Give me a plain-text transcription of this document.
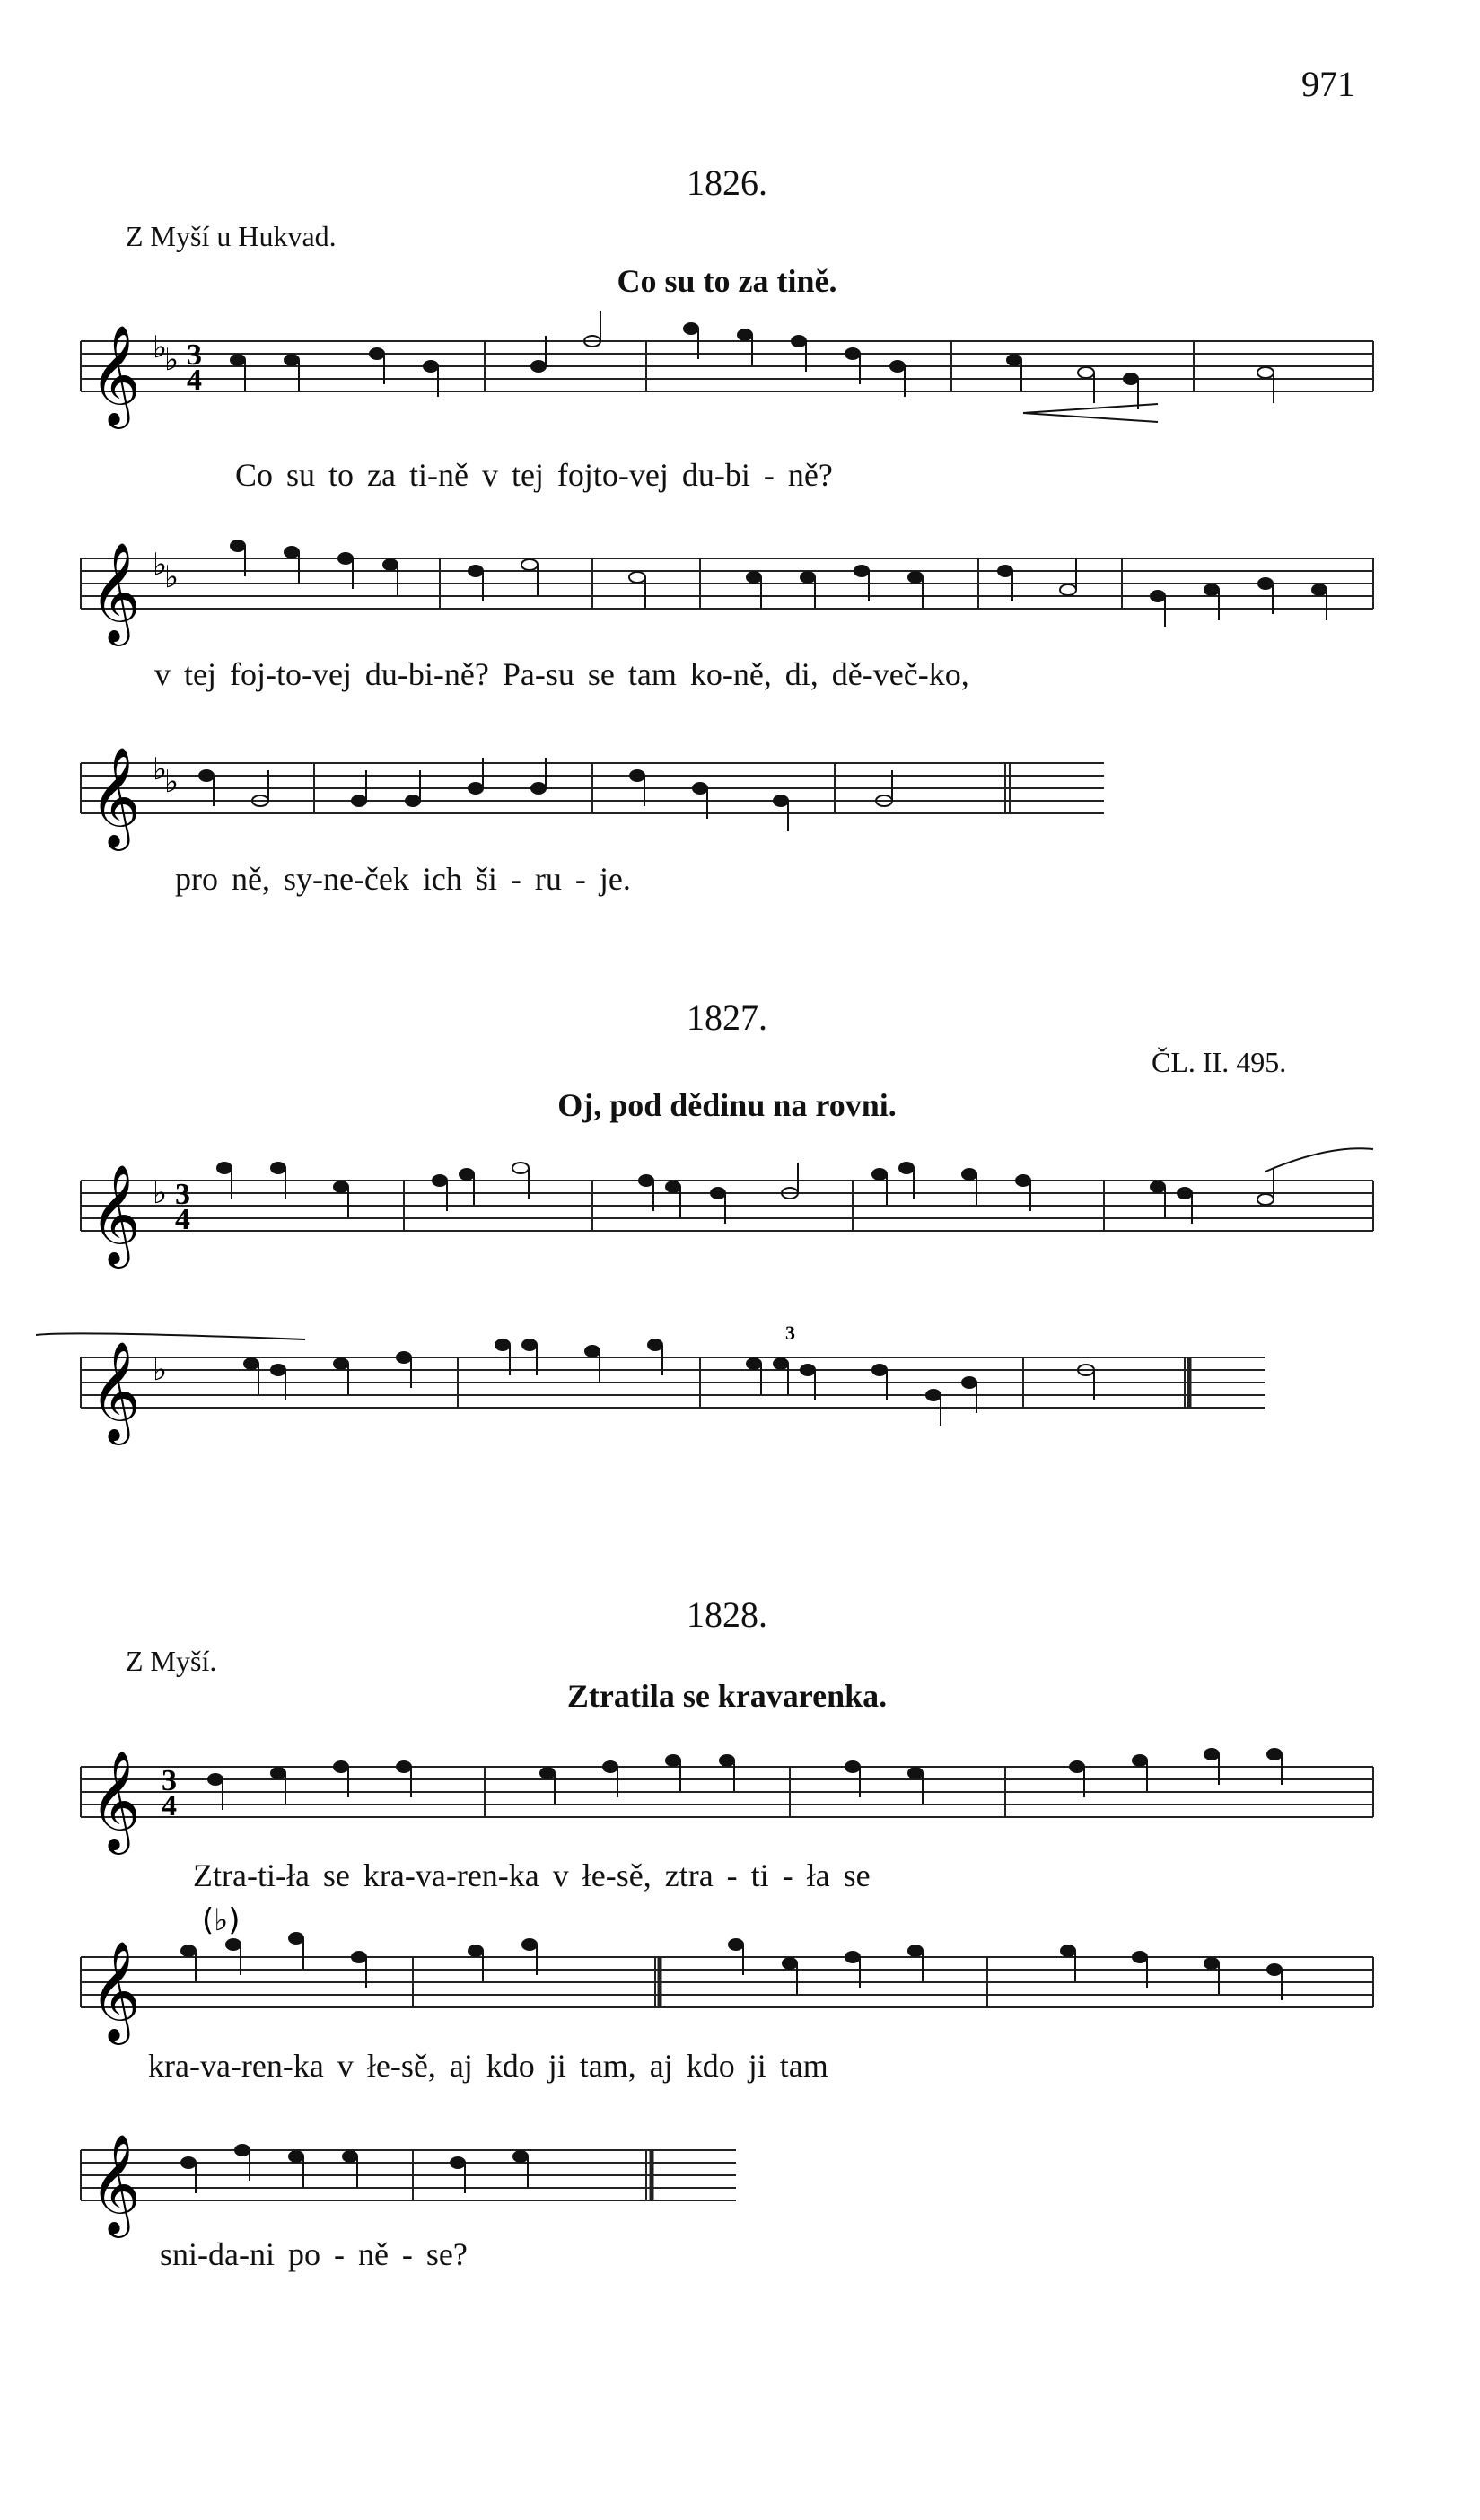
971
1826.
Z Myší u Hukvad.
Co su to za tině.
𝄞 ♭
♭ 3
4
Co su to za ti-ně v tej fojto-vej du-bi - ně?
𝄞 ♭
♭
v tej foj-to-vej du-bi-ně? Pa-su se tam ko-ně, di, dě-več-ko,
𝄞 ♭
♭
pro ně, sy-ne-ček ich ši - ru - je.
1827.
ČL. II. 495.
Oj, pod dědinu na rovni.
𝄞 ♭ 3
4
𝄞 ♭
3
1828.
Z Myší.
Ztratila se kravarenka.
𝄞 3
4
Ztra-ti-ła se kra-va-ren-ka v łe-sě, ztra - ti - ła se
𝄞
(♭)
kra-va-ren-ka v łe-sě, aj kdo ji tam, aj kdo ji tam
𝄞
sni-da-ni po - ně - se?
